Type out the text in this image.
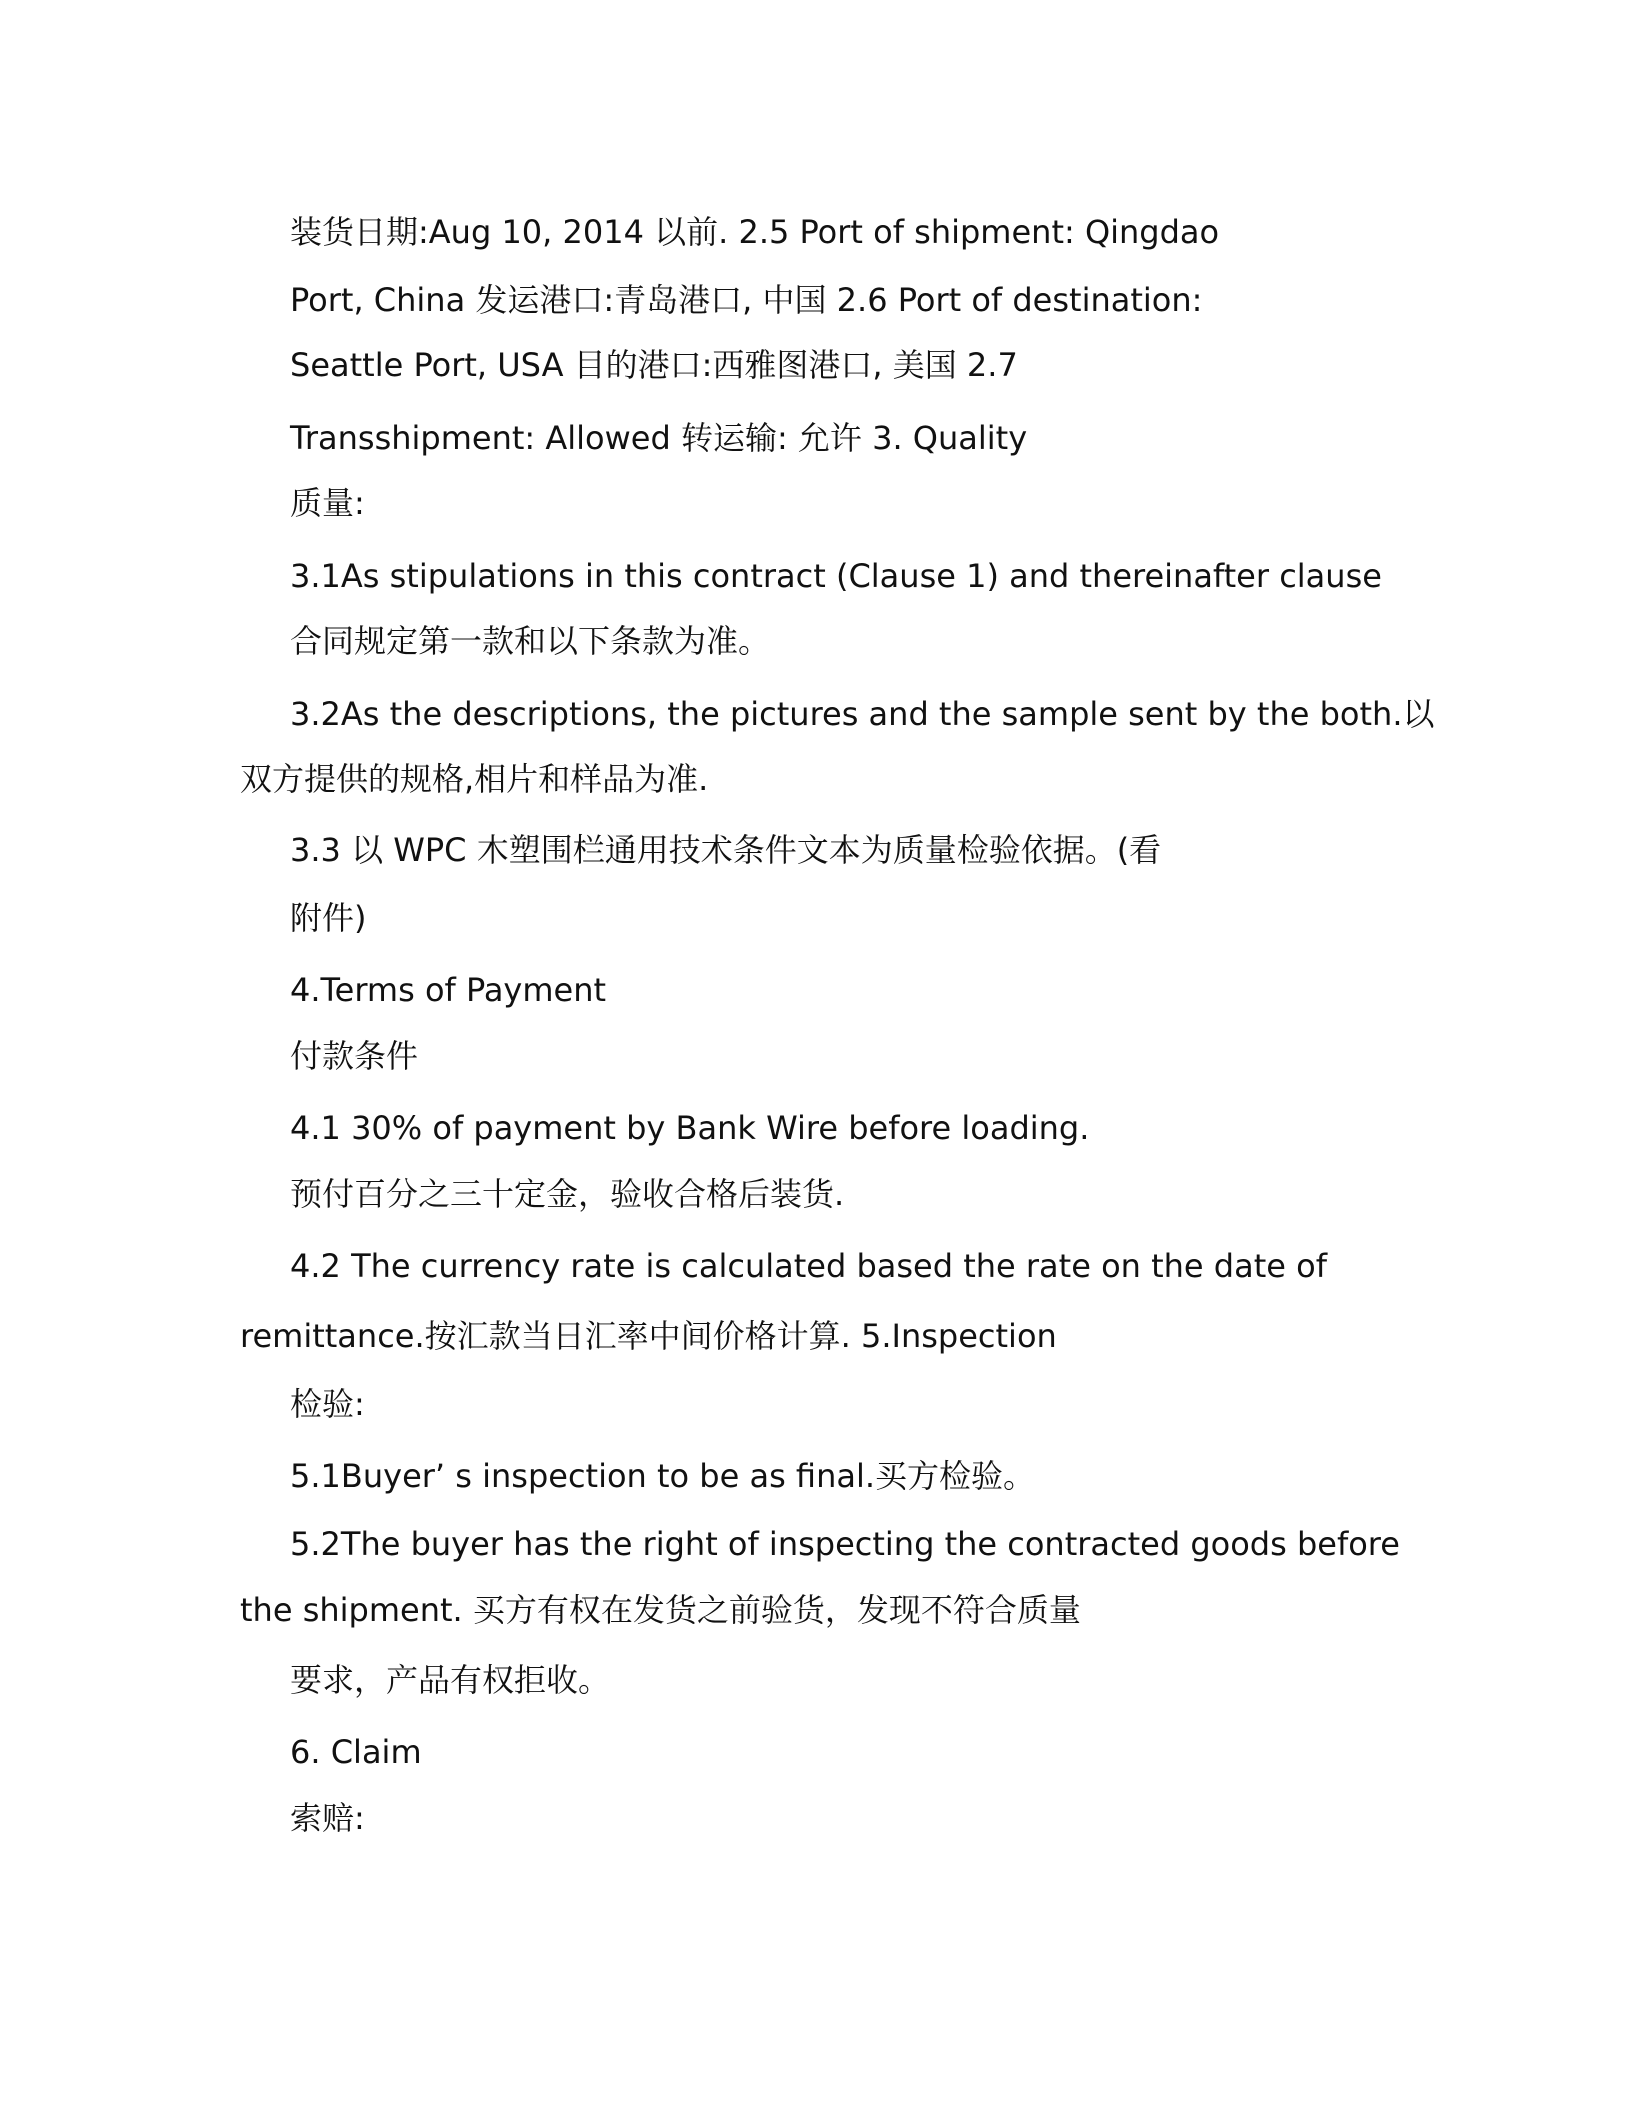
装货日期:Aug 10, 2014 以前. 2.5 Port of shipment: Qingdao
Port, China 发运港口:青岛港口, 中国 2.6 Port of destination:
Seattle Port, USA 目的港口:西雅图港口, 美国 2.7
Transshipment: Allowed 转运输: 允许 3. Quality
质量:
3.1As stipulations in this contract (Clause 1) and thereinafter clause
合同规定第一款和以下条款为准。
3.2As the descriptions, the pictures and the sample sent by the both.以
双方提供的规格,相片和样品为准.
3.3 以 WPC 木塑围栏通用技术条件文本为质量检验依据。(看
附件)
4.Terms of Payment
付款条件
4.1 30% of payment by Bank Wire before loading.
预付百分之三十定金，验收合格后装货.
4.2 The currency rate is calculated based the rate on the date of
remittance.按汇款当日汇率中间价格计算. 5.Inspection
检验:
5.1Buyer’ s inspection to be as final.买方检验。
5.2The buyer has the right of inspecting the contracted goods before
the shipment. 买方有权在发货之前验货，发现不符合质量
要求，产品有权拒收。
6. Claim
索赔:
